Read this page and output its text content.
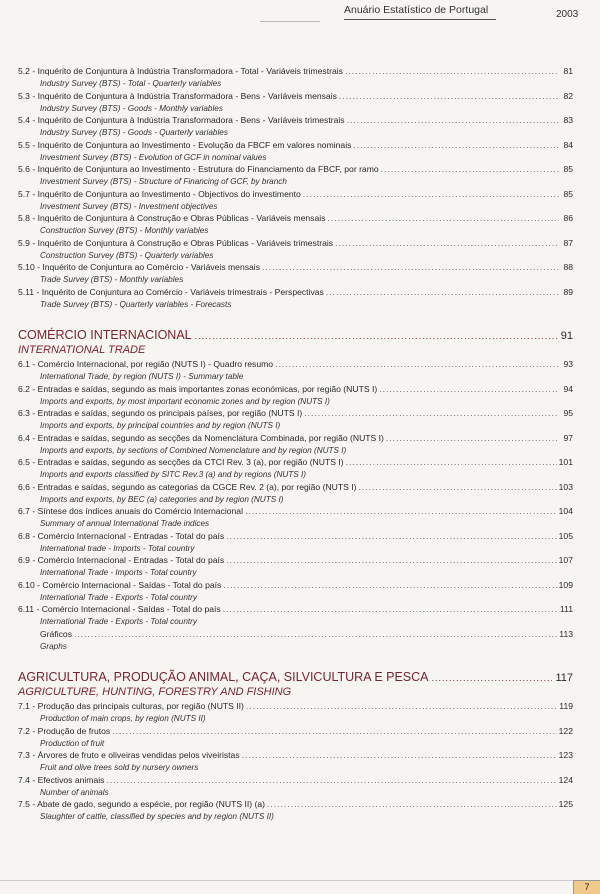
Anuário Estatístico de Portugal	2003
5.2 - Inquérito de Conjuntura à Indústria Transformadora - Total - Variáveis trimestrais .....	81
Industry Survey (BTS) - Total - Quarterly variables
5.3 - Inquérito de Conjuntura à Indústria Transformadora - Bens - Variáveis mensais .....	82
Industry Survey (BTS) - Goods - Monthly variables
5.4 - Inquérito de Conjuntura à Indústria Transformadora - Bens - Variáveis trimestrais .....	83
Industry Survey (BTS) - Goods - Quarterly variables
5.5 - Inquérito de Conjuntura ao Investimento - Evolução da FBCF em valores nominais .....	84
Investment Survey (BTS) - Evolution of GCF in nominal values
5.6 - Inquérito de Conjuntura ao Investimento - Estrutura do Financiamento da FBCF, por ramo .....	85
Investment Survey (BTS) - Structure of Financing of GCF, by branch
5.7 - Inquérito de Conjuntura ao Investimento - Objectivos do investimento .....	85
Investment Survey (BTS) - Investment objectives
5.8 - Inquérito de Conjuntura à Construção e Obras Públicas - Variáveis mensais .....	86
Construction Survey (BTS) - Monthly variables
5.9 - Inquérito de Conjuntura à Construção e Obras Públicas - Variáveis trimestrais .....	87
Construction Survey (BTS) - Quarterly variables
5.10 - Inquérito de Conjuntura ao Comércio - Variáveis mensais .....	88
Trade Survey (BTS) - Monthly variables
5.11 - Inquérito de Conjuntura ao Comércio - Variáveis trimestrais - Perspectivas .....	89
Trade Survey (BTS) - Quarterly variables - Forecasts
COMÉRCIO INTERNACIONAL .....	91
INTERNATIONAL TRADE
6.1 - Comércio Internacional, por região (NUTS I) - Quadro resumo .....	93
International Trade, by region (NUTS I) - Summary table
6.2 - Entradas e saídas, segundo as mais importantes zonas económicas, por região (NUTS I) .....	94
Imports and exports, by most important economic zones and by region (NUTS I)
6.3 - Entradas e saídas, segundo os principais países, por região (NUTS I) .....	95
Imports and exports, by principal countries and by region (NUTS I)
6.4 - Entradas e saídas, segundo as secções da Nomenclatura Combinada, por região (NUTS I) .....	97
Imports and exports, by sections of Combined Nomenclature and by region (NUTS I)
6.5 - Entradas e saídas, segundo as secções da CTCI Rev. 3 (a), por região (NUTS I) .....	101
Imports and exports classified by SITC Rev.3 (a) and by regions (NUTS I)
6.6 - Entradas e saídas, segundo as categorias da CGCE Rev. 2 (a), por região (NUTS I) .....	103
Imports and exports, by BEC (a) categories and by region (NUTS I)
6.7 - Síntese dos índices anuais do Comércio Internacional .....	104
Summary of annual International Trade indices
6.8 - Comércio Internacional - Entradas - Total do país .....	105
International trade - Imports - Total country
6.9 - Comércio Internacional - Entradas - Total do país .....	107
International Trade - Imports - Total country
6.10 - Comércio Internacional - Saídas - Total do país .....	109
International Trade - Exports - Total country
6.11 - Comércio Internacional - Saídas - Total do país .....	111
International Trade - Exports - Total country
Gráficos .....	113
Graphs
AGRICULTURA, PRODUÇÃO ANIMAL, CAÇA, SILVICULTURA E PESCA .....	117
AGRICULTURE, HUNTING, FORESTRY AND FISHING
7.1 - Produção das principais culturas, por região (NUTS II) .....	119
Production of main crops, by region (NUTS II)
7.2 - Produção de frutos .....	122
Production of fruit
7.3 - Árvores de fruto e oliveiras vendidas pelos viveiristas .....	123
Fruit and olive trees sold by nursery owners
7.4 - Efectivos animais .....	124
Number of animals
7.5 - Abate de gado, segundo a espécie, por região (NUTS II) (a) .....	125
Slaughter of cattle, classified by species and by region (NUTS II)
7
